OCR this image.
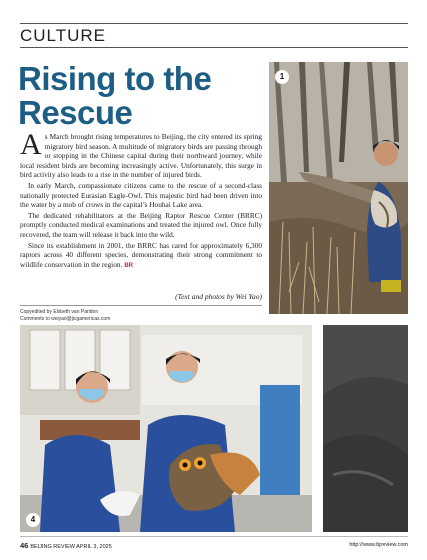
CULTURE
Rising to the
Rescue

As March brought rising temperatures to Beijing, the city entered its spring migratory bird season. A multitude of migratory birds are passing through or stopping in the Chinese capital during their northward journey, while local resident birds are becoming increasingly active. Unfortunately, this surge in bird activity also leads to a rise in the number of injured birds.

In early March, compassionate citizens came to the rescue of a second-class nationally protected Eurasian Eagle-Owl. This majestic bird had been driven into the water by a mob of crows in the capital’s Houhai Lake area.

The dedicated rehabilitators at the Beijing Raptor Rescue Center (BRRC) promptly conducted medical examinations and treated the injured owl. Once fully recovered, the team will release it back into the wild.

Since its establishment in 2001, the BRRC has cared for approximately 6,300 raptors across 40 different species, demonstrating their strong commitment to wildlife conservation in the region. BR

(Text and photos by Wei Yao)
Copyedited by Elsbeth van Paridon
Comments to weiyao@jicgamericas.com
1
4
46 BEIJING REVIEW APRIL 3, 2025	http://www.bjreview.com
